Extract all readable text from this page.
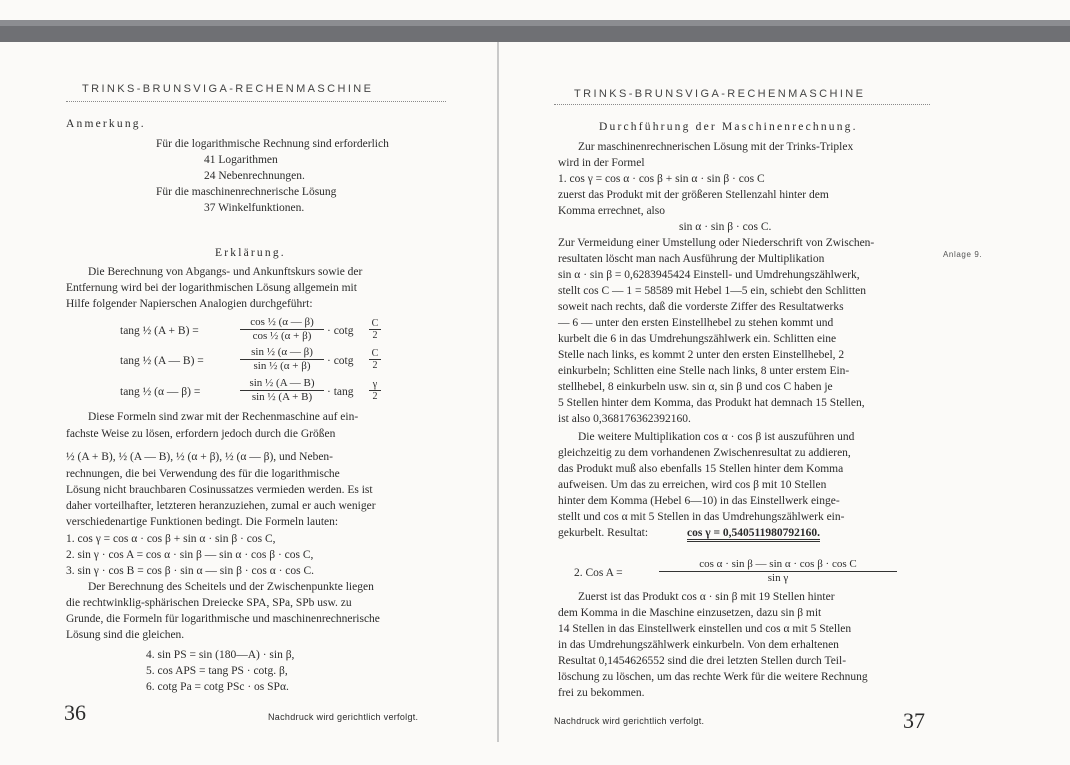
TRINKS-BRUNSVIGA-RECHENMASCHINE
Anmerkung.
Für die logarithmische Rechnung sind erforderlich
41 Logarithmen
24 Nebenrechnungen.
Für die maschinenrechnerische Lösung
37 Winkelfunktionen.
Erklärung.
Die Berechnung von Abgangs- und Ankunftskurs sowie der
Entfernung wird bei der logarithmischen Lösung allgemein mit
Hilfe folgender Napierschen Analogien durchgeführt:
tang ½ (A + B) =	$\frac{\text{cos ½ (α — β)}}{\text{cos ½ (α + β)}} \cdot \cot g \frac{C}{2}$
tang ½ (A — B) =	$\frac{\text{sin ½ (α — β)}}{\text{sin ½ (α + β)}} \cdot \cot g \frac{C}{2}$
tang ½ (α — β) =	$\frac{\text{sin ½ (A — B)}}{\text{sin ½ (A + B)}} \cdot \tan g \frac{\gamma}{2}$
Diese Formeln sind zwar mit der Rechenmaschine auf ein-
fachste Weise zu lösen, erfordern jedoch durch die Größen
½ (A + B), ½ (A — B), ½ (α + β), ½ (α — β), und Neben-
rechnungen, die bei Verwendung des für die logarithmische
Lösung nicht brauchbaren Cosinussatzes vermieden werden. Es ist
daher vorteilhafter, letzteren heranzuziehen, zumal er auch weniger
verschiedenartige Funktionen bedingt. Die Formeln lauten:
1. cos γ = cos α · cos β + sin α · sin β · cos C,
2. sin γ · cos A = cos α · sin β — sin α · cos β · cos C,
3. sin γ · cos B = cos β · sin α — sin β · cos α · cos C.
Der Berechnung des Scheitels und der Zwischenpunkte liegen
die rechtwinklig-sphärischen Dreiecke SPA, SPa, SPb usw. zu
Grunde, die Formeln für logarithmische und maschinenrechnerische
Lösung sind die gleichen.
4. sin PS = sin (180—A) · sin β,
5. cos APS = tang PS · cotg. β,
6. cotg Pa = cotg PSc · os SPα.
36	Nachdruck wird gerichtlich verfolgt.
TRINKS-BRUNSVIGA-RECHENMASCHINE
Durchführung der Maschinenrechnung.
Zur maschinenrechnerischen Lösung mit der Trinks-Triplex
wird in der Formel
1. cos γ = cos α · cos β + sin α · sin β · cos C
zuerst das Produkt mit der größeren Stellenzahl hinter dem
Komma errechnet, also
sin α · sin β · cos C.
Zur Vermeidung einer Umstellung oder Niederschrift von Zwischen-
resultaten löscht man nach Ausführung der Multiplikation
sin α · sin β = 0,6283945424 Einstell- und Umdrehungszählwerk,
stellt cos C — 1 = 58589 mit Hebel 1—5 ein, schiebt den Schlitten
soweit nach rechts, daß die vorderste Ziffer des Resultatwerks
— 6 — unter den ersten Einstellhebel zu stehen kommt und
kurbelt die 6 in das Umdrehungszählwerk ein. Schlitten eine
Stelle nach links, es kommt 2 unter den ersten Einstellhebel, 2
einkurbeln; Schlitten eine Stelle nach links, 8 unter erstem Ein-
stellhebel, 8 einkurbeln usw. sin α, sin β und cos C haben je
5 Stellen hinter dem Komma, das Produkt hat demnach 15 Stellen,
ist also 0,368176362392160.
Die weitere Multiplikation cos α · cos β ist auszuführen und
gleichzeitig zu dem vorhandenen Zwischenresultat zu addieren,
das Produkt muß also ebenfalls 15 Stellen hinter dem Komma
aufweisen. Um das zu erreichen, wird cos β mit 10 Stellen
hinter dem Komma (Hebel 6—10) in das Einstellwerk einge-
stellt und cos α mit 5 Stellen in das Umdrehungszählwerk ein-
gekurbelt. Resultat:	cos γ = 0,540511980792160.
2. Cos A =	$\frac{\text{cos α · sin β — sin α · cos β · cos C}}{\text{sin γ}}$
Zuerst ist das Produkt cos α · sin β mit 19 Stellen hinter
dem Komma in die Maschine einzusetzen, dazu sin β mit
14 Stellen in das Einstellwerk einstellen und cos α mit 5 Stellen
in das Umdrehungszählwerk einkurbeln. Von dem erhaltenen
Resultat 0,1454626552 sind die drei letzten Stellen durch Teil-
löschung zu löschen, um das rechte Werk für die weitere Rechnung
frei zu bekommen.
Anlage 9.
Nachdruck wird gerichtlich verfolgt.	37
